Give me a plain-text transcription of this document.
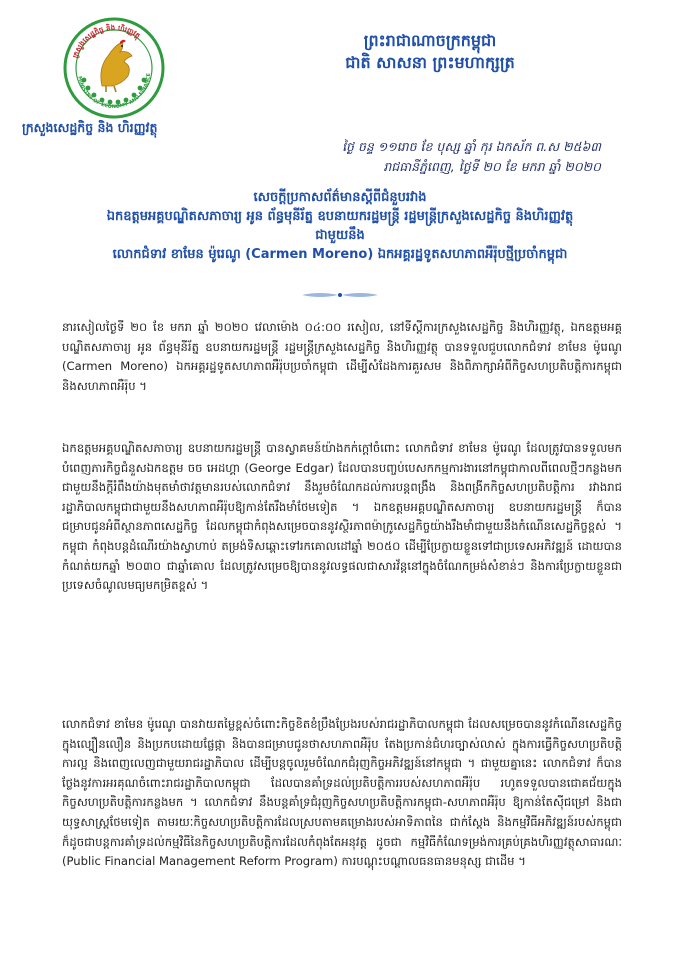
ក្រសួងសេដ្ឋកិច្ច និង ហិរញ្ញវត្ថុ
MINISTRY OF ECONOMY AND FINANCE
ក្រសួងសេដ្ឋកិច្ច និង ហិរញ្ញវត្ថុ
ព្រះរាជាណាចក្រកម្ពុជា
ជាតិ សាសនា ព្រះមហាក្សត្រ
ថ្ងៃ ចន្ទ ១១រោច ខែ បុស្ស ឆ្នាំ កុរ ឯកស័ក ព.ស ២៥៦៣
រាជធានីភ្នំពេញ, ថ្ងៃទី ២០ ខែ មករា ឆ្នាំ ២០២០
សេចក្តីប្រកាសព័ត៌មានស្តីពីជំនួបរវាង
ឯកឧត្តមអគ្គបណ្ឌិតសភាចារ្យ អូន ព័ន្ធមុនីរ័ត្ន ឧបនាយករដ្ឋមន្ត្រី រដ្ឋមន្ត្រីក្រសួងសេដ្ឋកិច្ច និងហិរញ្ញវត្ថុ
ជាមួយនឹង
លោកជំទាវ ខាមែន ម៉ូរេណូ (Carmen Moreno) ឯកអគ្គរដ្ឋទូតសហភាពអឺរ៉ុបថ្មីប្រចាំកម្ពុជា
នារសៀលថ្ងៃទី ២០ ខែ មករា ឆ្នាំ ២០២០ វេលាម៉ោង ០៤:០០ រសៀល, នៅទីស្តីការក្រសួងសេដ្ឋកិច្ច និងហិរញ្ញវត្ថុ, ឯកឧត្តមអគ្គបណ្ឌិតសភាចារ្យ អូន ព័ន្ធមុនីរ័ត្ន ឧបនាយករដ្ឋមន្ត្រី រដ្ឋមន្ត្រីក្រសួងសេដ្ឋកិច្ច និងហិរញ្ញវត្ថុ បានទទួលជួបលោកជំទាវ ខាមែន ម៉ូរេណូ (Carmen Moreno) ឯកអគ្គរដ្ឋទូតសហភាពអឺរ៉ុបប្រចាំកម្ពុជា ដើម្បីសំដែងការគួរសម និងពិភាក្សាអំពីកិច្ចសហប្រតិបត្តិការកម្ពុជា និងសហភាពអឺរ៉ុប ។
ឯកឧត្តមអគ្គបណ្ឌិតសភាចារ្យ ឧបនាយករដ្ឋមន្ត្រី បានស្វាគមន៍យ៉ាងកក់ក្តៅចំពោះ លោកជំទាវ ខាមែន ម៉ូរេណូ ដែលត្រូវបានទទួលមកបំពេញភារកិច្ចជំនួសឯកឧត្តម ចច អេដហ្គា (George Edgar) ដែលបានបញ្ចប់បេសកកម្មការងារនៅកម្ពុជាកាលពីពេលថ្មីៗកន្លងមក ជាមួយនឹងក្តីរំពឹងយ៉ាងមុតមាំថាវត្តមានរបស់លោកជំទាវ នឹងរួមចំណែកដល់ការបន្តពង្រឹង និងពង្រីកកិច្ចសហប្រតិបត្តិការ រវាងរាជរដ្ឋាភិបាលកម្ពុជាជាមួយនឹងសហភាពអឺរ៉ុបឱ្យកាន់តែរឹងមាំថែមទៀត ។ ឯកឧត្តមអគ្គបណ្ឌិតសភាចារ្យ ឧបនាយករដ្ឋមន្ត្រី ក៏បានជម្រាបជូនអំពីស្ថានភាពសេដ្ឋកិច្ច ដែលកម្ពុជាកំពុងសម្រេចបាននូវស្ថិរភាពម៉ាក្រូសេដ្ឋកិច្ចយ៉ាងរឹងមាំជាមួយនឹងកំណើនសេដ្ឋកិច្ចខ្ពស់ ។ កម្ពុជា កំពុងបន្តដំណើរយ៉ាងស្វាហាប់ តម្រង់ទិសឆ្ពោះទៅរកគោលដៅឆ្នាំ ២០៥០ ដើម្បីប្រែក្លាយខ្លួនទៅជាប្រទេសអភិវឌ្ឍន៍ ដោយបានកំណត់យកឆ្នាំ ២០៣០ ជាឆ្នាំគោល ដែលត្រូវសម្រេចឱ្យបាននូវលទ្ធផលជាសារវ័ន្តនៅក្នុងចំណែកម្រង់សំខាន់ៗ និងការប្រែក្លាយខ្លួនជាប្រទេសចំណូលមធ្យមកម្រិតខ្ពស់ ។
លោកជំទាវ ខាមែន ម៉ូរេណូ បានវាយតម្លៃខ្ពស់ចំពោះកិច្ចខិតខំប្រឹងប្រែងរបស់រាជរដ្ឋាភិបាលកម្ពុជា ដែលសម្រេចបាននូវកំណើនសេដ្ឋកិច្ចក្នុងល្បឿនលឿន និងប្រកបដោយផ្លែផ្កា និងបានជម្រាបជូនថាសហភាពអឺរ៉ុប តែងប្រកាន់ជំហរច្បាស់លាស់ ក្នុងការធ្វើកិច្ចសហប្រតិបត្តិការល្អ និងពេញលេញជាមួយរាជរដ្ឋាភិបាល ដើម្បីបន្តចូលរួមចំណែកជំរុញកិច្ចអភិវឌ្ឍន៍នៅកម្ពុជា ។ ជាមួយគ្នានេះ លោកជំទាវ ក៏បានថ្លែងនូវការអរគុណចំពោះរាជរដ្ឋាភិបាលកម្ពុជា ដែលបានគាំទ្រដល់ប្រតិបត្តិការរបស់សហភាពអឺរ៉ុប រហូតទទួលបានជោគជ័យក្នុងកិច្ចសហប្រតិបត្តិការកន្លងមក ។ លោកជំទាវ នឹងបន្តគាំទ្រជំរុញកិច្ចសហប្រតិបត្តិការកម្ពុជា-សហភាពអឺរ៉ុប ឱ្យកាន់តែស៊ីជម្រៅ និងជាយុទ្ធសាស្ត្រថែមទៀត តាមរយៈកិច្ចសហប្រតិបត្តិការដែលស្របតាមគម្រោងរបស់អាទិភាពនៃ ជាក់ស្តែង និងកម្មវិធីអភិវឌ្ឍន៍របស់កម្ពុជា ក៏ដូចជាបន្តការគាំទ្រដល់កម្មវិធីនៃកិច្ចសហប្រតិបត្តិការដែលកំពុងតែអនុវត្ត ដូចជា កម្មវិធីកំណែទម្រង់ការគ្រប់គ្រងហិរញ្ញវត្ថុសាធារណៈ (Public Financial Management Reform Program) ការបណ្តុះបណ្តាលធនធានមនុស្ស ជាដើម ។
